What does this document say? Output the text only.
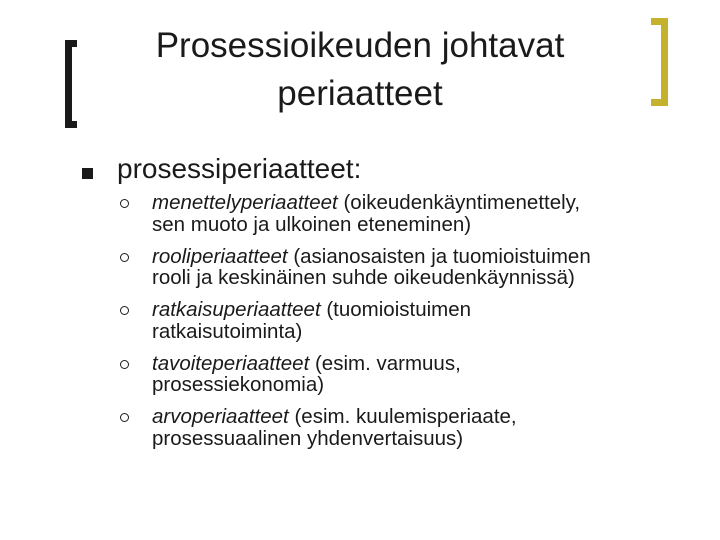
Prosessioikeuden johtavat
periaatteet
prosessiperiaatteet:
menettelyperiaatteet (oikeudenkäyntimenettely,
sen muoto ja ulkoinen eteneminen)
rooliperiaatteet (asianosaisten ja tuomioistuimen
rooli ja keskinäinen suhde oikeudenkäynnissä)
ratkaisuperiaatteet (tuomioistuimen
ratkaisutoiminta)
tavoiteperiaatteet (esim. varmuus,
prosessiekonomia)
arvoperiaatteet (esim. kuulemisperiaate,
prosessuaalinen yhdenvertaisuus)
